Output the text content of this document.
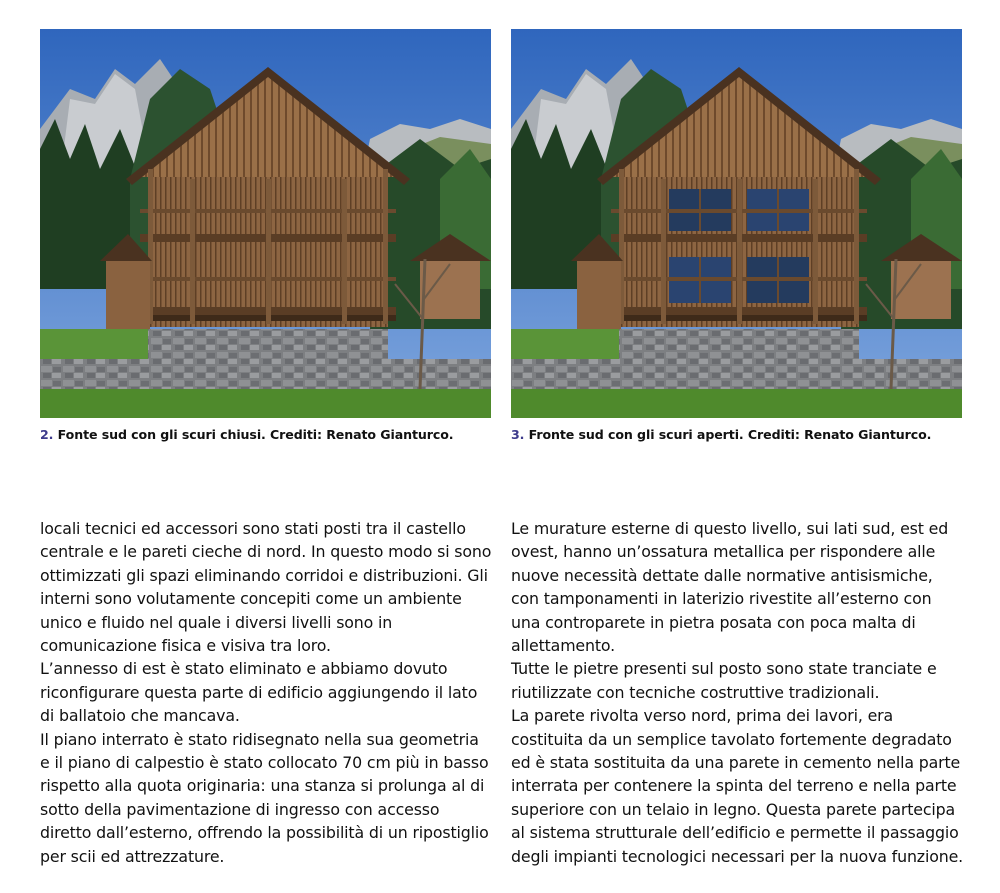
2. Fonte sud con gli scuri chiusi. Crediti: Renato Gianturco.	3. Fronte sud con gli scuri aperti. Crediti: Renato Gianturco.

locali tecnici ed accessori sono stati posti tra il castello centrale e le pareti cieche di nord. In questo modo si sono ottimizzati gli spazi eliminando corridoi e distribuzioni. Gli interni sono volutamente concepiti come un ambiente unico e fluido nel quale i diversi livelli sono in comunicazione fisica e visiva tra loro.

L’annesso di est è stato eliminato e abbiamo dovuto riconfigurare questa parte di edificio aggiungendo il lato di ballatoio che mancava.

Il piano interrato è stato ridisegnato nella sua geometria e il piano di calpestio è stato collocato 70 cm più in basso rispetto alla quota originaria: una stanza si prolunga al di sotto della pavimentazione di ingresso con accesso diretto dall’esterno, offrendo la possibilità di un ripostiglio per scii ed attrezzature.

Le murature esterne di questo livello, sui lati sud, est ed ovest, hanno un’ossatura metallica per rispondere alle nuove necessità dettate dalle normative antisismiche, con tamponamenti in laterizio rivestite all’esterno con una controparete in pietra posata con poca malta di allettamento.

Tutte le pietre presenti sul posto sono state tranciate e riutilizzate con tecniche costruttive tradizionali.

La parete rivolta verso nord, prima dei lavori, era costituita da un semplice tavolato fortemente degradato ed è stata sostituita da una parete in cemento nella parte interrata per contenere la spinta del terreno e nella parte superiore con un telaio in legno. Questa parete partecipa al sistema strutturale dell’edificio e permette il passaggio degli impianti tecnologici necessari per la nuova funzione.
